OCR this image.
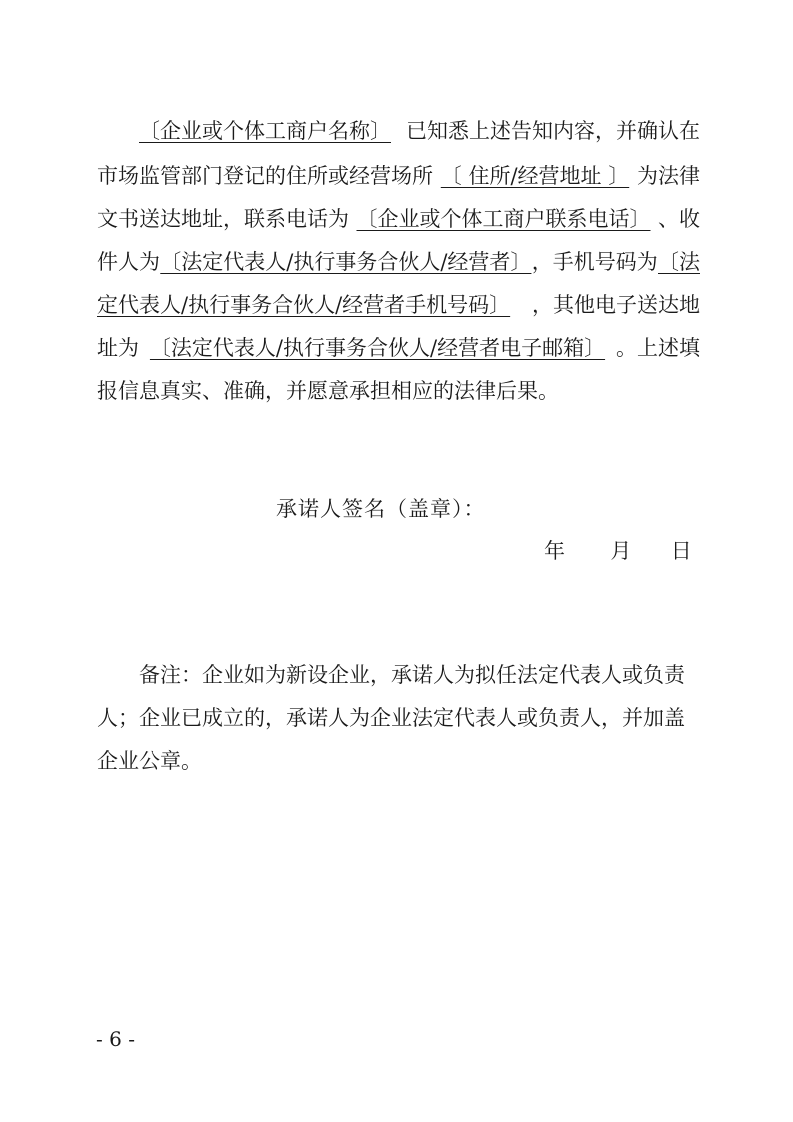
〔企业或个体工商户名称〕 已知悉上述告知内容，并确认在
市场监管部门登记的住所或经营场所 〔 住所/经营地址 〕 为法律
文书送达地址，联系电话为 〔企业或个体工商户联系电话〕 、收
件人为 〔法定代表人/执行事务合伙人/经营者〕 ，手机号码为 〔法
定代表人/执行事务合伙人/经营者手机号码〕 ，其他电子送达地
址为 〔法定代表人/执行事务合伙人/经营者电子邮箱〕 。上述填
报信息真实、准确，并愿意承担相应的法律后果。
承诺人签名（盖章）：
年 月 日
备注：企业如为新设企业，承诺人为拟任法定代表人或负责
人；企业已成立的，承诺人为企业法定代表人或负责人，并加盖
企业公章。
- 6 -
